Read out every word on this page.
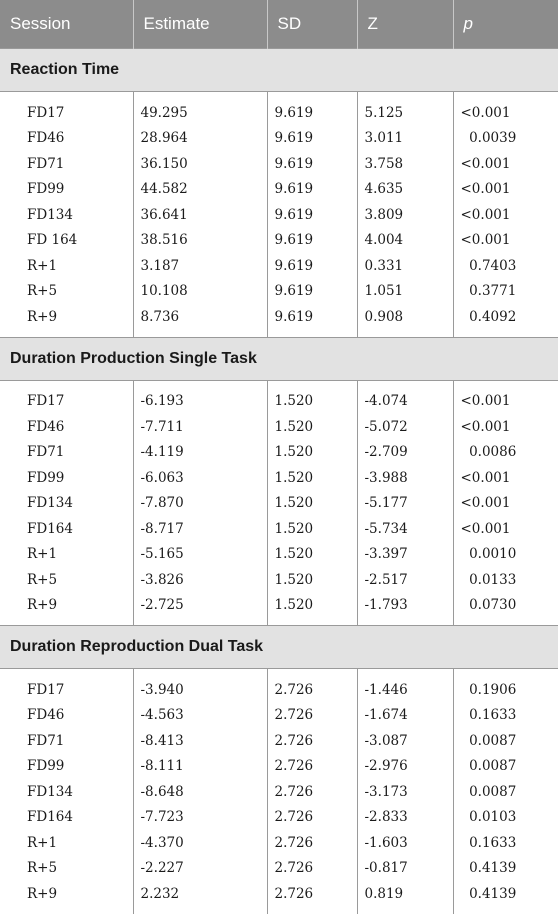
Session	Estimate	SD	Z	p
Reaction Time				

FD17	49.295	9.619	5.125	<0.001
FD46	28.964	9.619	3.011	0.0039
FD71	36.150	9.619	3.758	<0.001
FD99	44.582	9.619	4.635	<0.001
FD134	36.641	9.619	3.809	<0.001
FD 164	38.516	9.619	4.004	<0.001
R+1	3.187	9.619	0.331	0.7403
R+5	10.108	9.619	1.051	0.3771
R+9	8.736	9.619	0.908	0.4092

Duration Production Single Task				

FD17	-6.193	1.520	-4.074	<0.001
FD46	-7.711	1.520	-5.072	<0.001
FD71	-4.119	1.520	-2.709	0.0086
FD99	-6.063	1.520	-3.988	<0.001
FD134	-7.870	1.520	-5.177	<0.001
FD164	-8.717	1.520	-5.734	<0.001
R+1	-5.165	1.520	-3.397	0.0010
R+5	-3.826	1.520	-2.517	0.0133
R+9	-2.725	1.520	-1.793	0.0730

Duration Reproduction Dual Task				

FD17	-3.940	2.726	-1.446	0.1906
FD46	-4.563	2.726	-1.674	0.1633
FD71	-8.413	2.726	-3.087	0.0087
FD99	-8.111	2.726	-2.976	0.0087
FD134	-8.648	2.726	-3.173	0.0087
FD164	-7.723	2.726	-2.833	0.0103
R+1	-4.370	2.726	-1.603	0.1633
R+5	-2.227	2.726	-0.817	0.4139
R+9	2.232	2.726	0.819	0.4139
